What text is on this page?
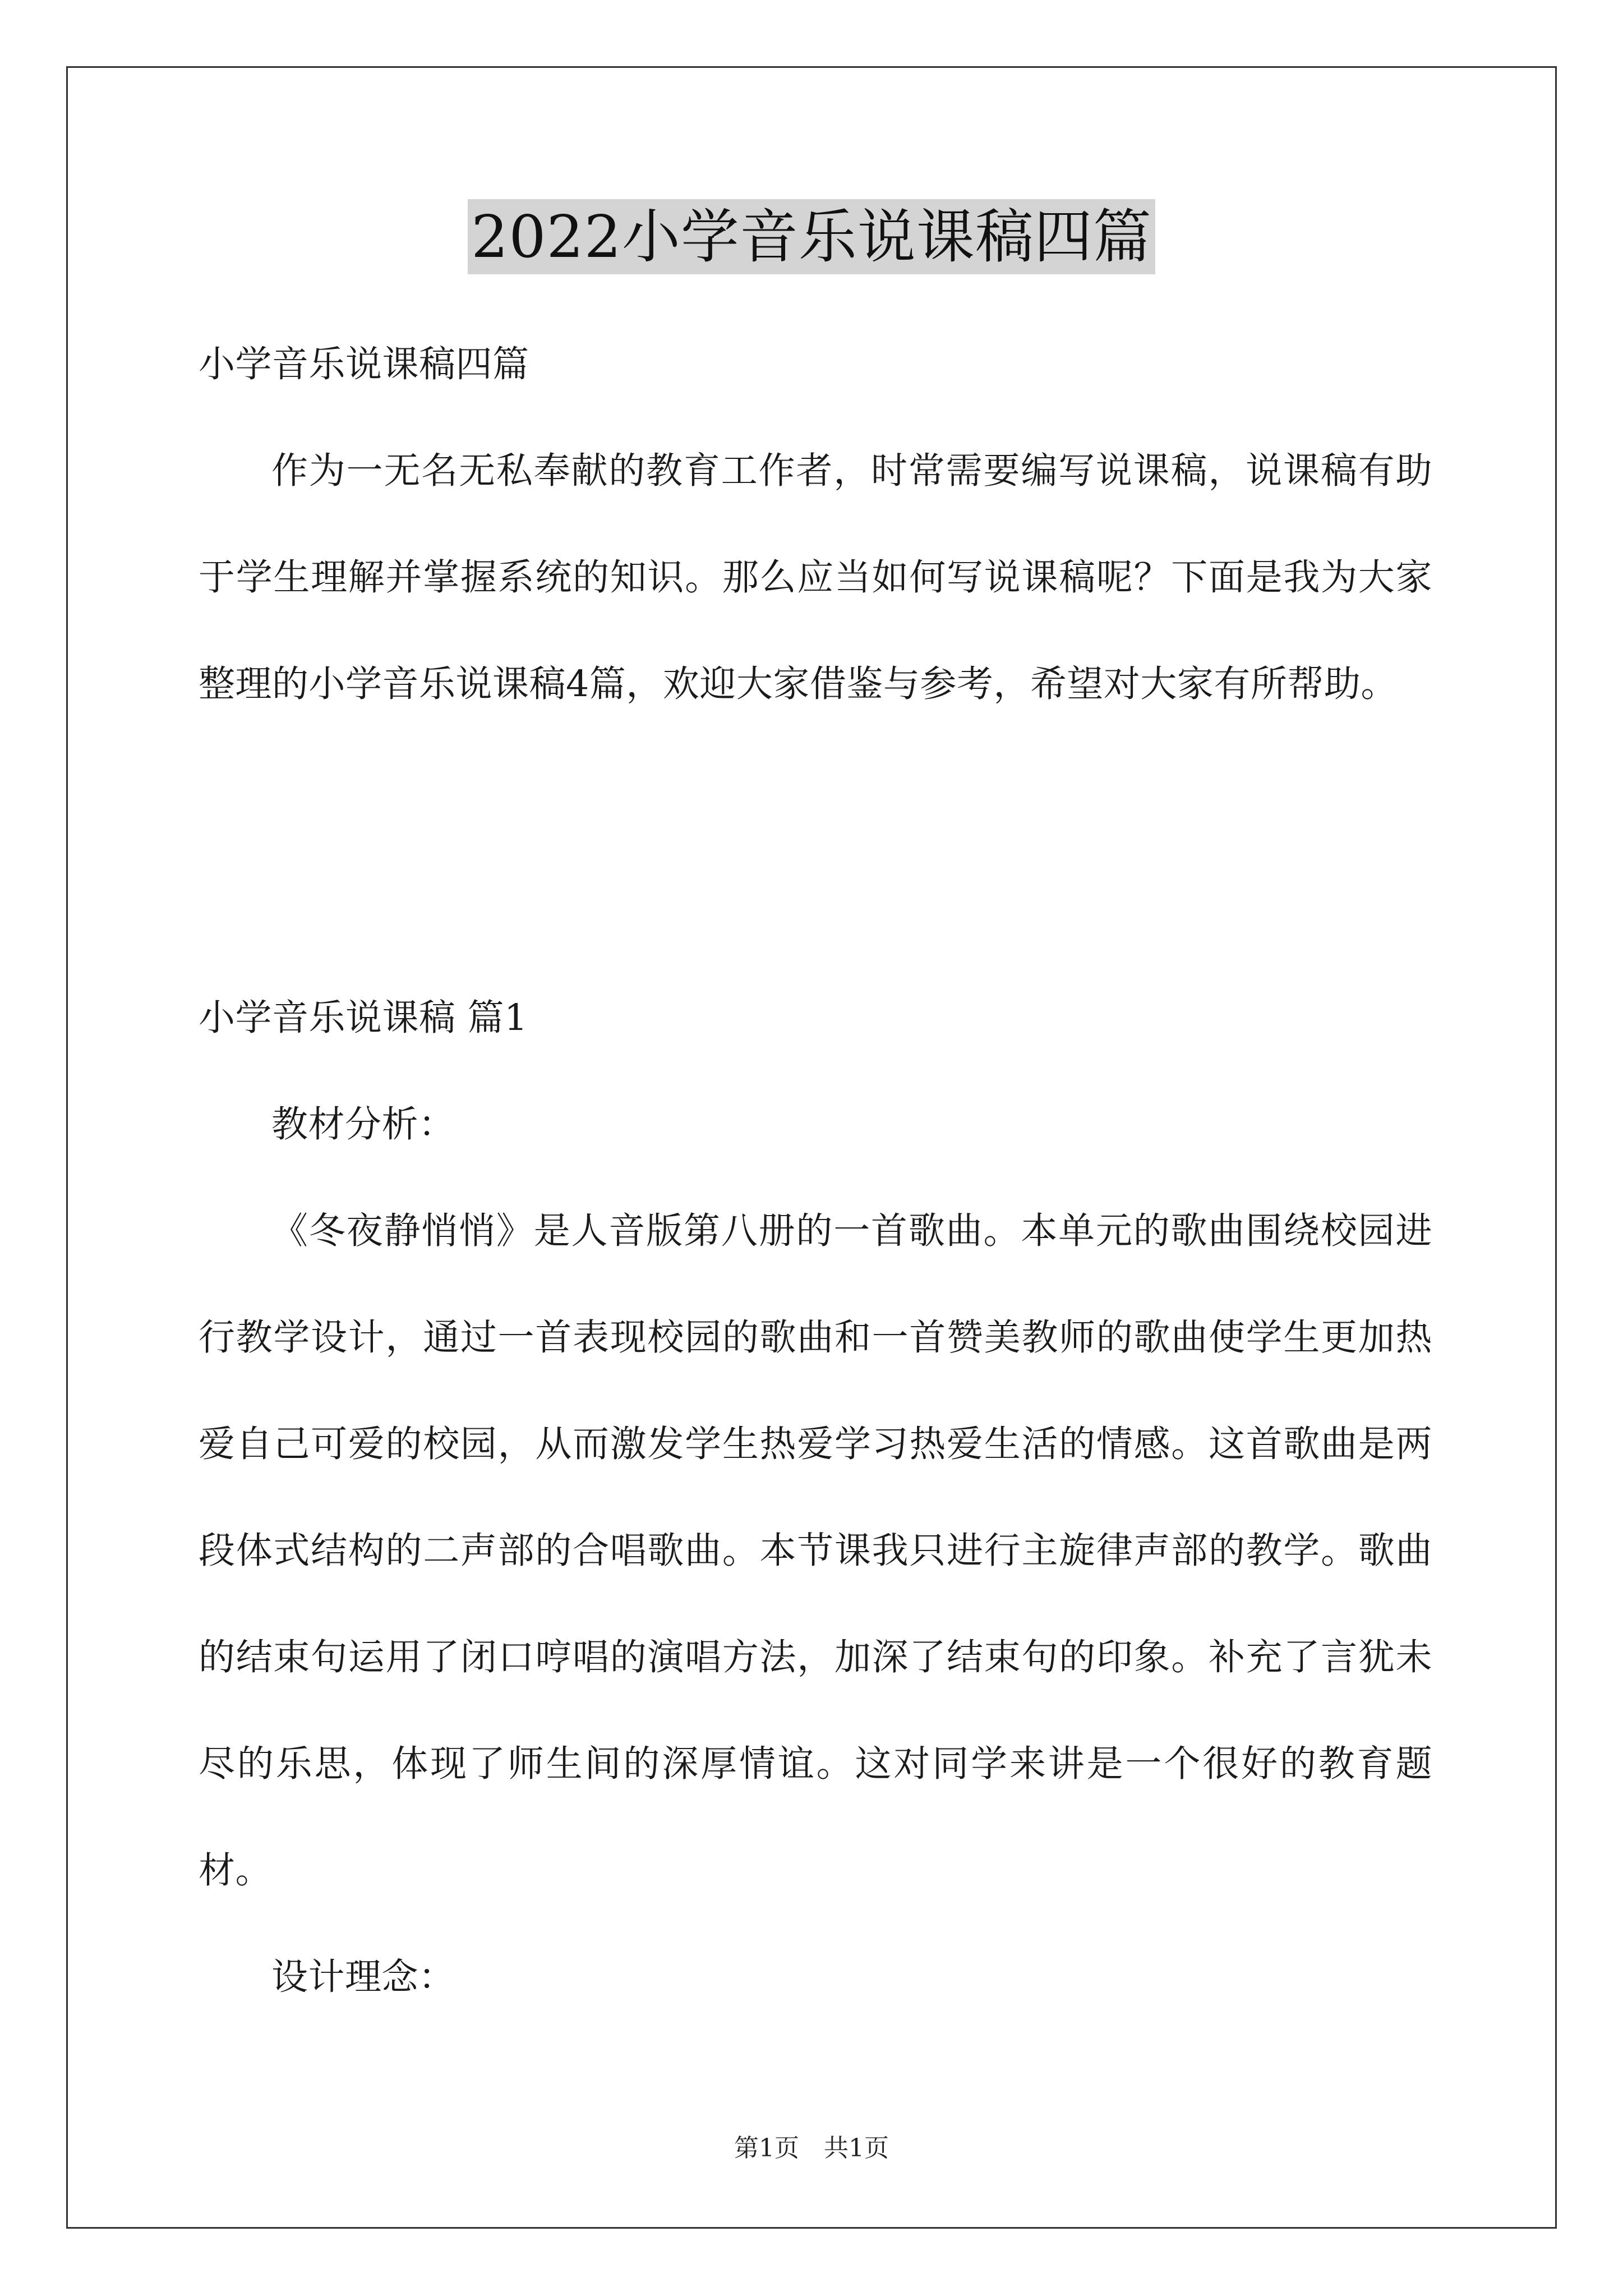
2022小学音乐说课稿四篇

小学音乐说课稿四篇

作为一无名无私奉献的教育工作者，时常需要编写说课稿，说课稿有助于学生理解并掌握系统的知识。那么应当如何写说课稿呢？下面是我为大家整理的小学音乐说课稿4篇，欢迎大家借鉴与参考，希望对大家有所帮助。

小学音乐说课稿 篇1

教材分析：

《冬夜静悄悄》是人音版第八册的一首歌曲。本单元的歌曲围绕校园进行教学设计，通过一首表现校园的歌曲和一首赞美教师的歌曲使学生更加热爱自己可爱的校园，从而激发学生热爱学习热爱生活的情感。这首歌曲是两段体式结构的二声部的合唱歌曲。本节课我只进行主旋律声部的教学。歌曲的结束句运用了闭口哼唱的演唱方法，加深了结束句的印象。补充了言犹未尽的乐思，体现了师生间的深厚情谊。这对同学来讲是一个很好的教育题材。

设计理念：

第1页　共1页
